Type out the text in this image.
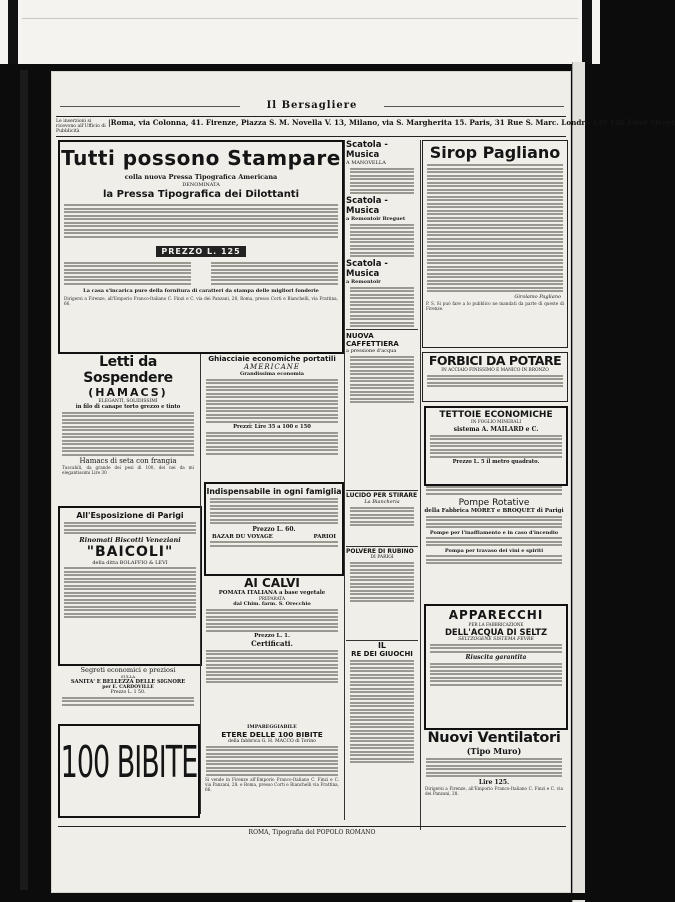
Il Bersagliere
Le inserzioni si ricevono all'Ufficio di Pubblicità
|Roma, via Colonna, 41. Firenze, Piazza S. M. Novella V. 13, Milano, via S. Margherita 15. Paris, 31 Rue S. Marc. Londra 139 140 Fleet Street
Tutti possono Stampare
colla nuova Pressa Tipografica Americana
DENOMINATA
la Pressa Tipografica dei Dilottanti
PREZZO L. 125
La casa s'incarica pure della fornitura di caratteri da stampa delle migliori fonderie
Dirigersi a Firenze, all'Emporio Franco-Italiano C. Finzi e C. via dei Panzani, 28, Roma, presso Corti e Bianchelli, via Frattina, 66.
Scatola - Musica
A MANOVELLA
Scatola - Musica
a Remontoir Breguet
Scatola - Musica
a Remontoir
NUOVA CAFFETTIERA
a pressione d'acqua
Sirop Pagliano
Girolamo Pagliano
P. S. Si può fare a lo pubblico ne mandati da parte di queste di Firenze.
FORBICI DA POTARE
IN ACCIAIO FINISSIMO E MANICO IN BRONZO
TETTOIE ECONOMICHE
IN FOGLIO MINERALI
sistema A. MAILARD e C.
Prezzo L. 5 il metro quadrato.
Letti da Sospendere
(HAMACS)
ELEGANTI, SOLIDISSIMI
in filo di canape torto grezzo e tinto
Hamacs di seta con frangia
Tuscabili, da grande dei pesi di 100, dei nei da mi elegantissimi Lire 30
All'Esposizione di Parigi
Rinomati Biscotti Veneziani
"BAICOLI"
della ditta BOLAFFIO & LEVI
Segreti economici e preziosi
SULLA
SANITA' E BELLEZZA DELLE SIGNORE
per E. CARDOVILLE
Prezzo L. 1 50.
Ghiacciaie economiche portatili
AMERICANE
Grandissima economia
Prezzi: Lire 35 a 100 e 150
Indispensabile in ogni famiglia
Prezzo L. 60.
BAZAR DU VOYAGE	PARIOI
AI CALVI
POMATA ITALIANA a base vegetale
PREPARATA
dal Chim. farm. S. Orecchio
Prezzo L. 1.
Certificati.
LUCIDO PER STIRARE
La Biancheria
POLVERE DI RUBINO
DI PARIGI
IL
RE DEI GIUOCHI
Pompe Rotative
della Fabbrica MORET e BROQUET di Parigi
Pompe per l'inaffiamento e in caso d'incendio
Pompa per travaso dei vini e spiriti
APPARECCHI
PER LA FABBRICAZIONE
DELL'ACQUA DI SELTZ
SELTZOGENE SISTEMA FEVRE
Riuscita garantita
100 BIBITE
IMPAREGGIABILE
ETERE DELLE 100 BIBITE
della fabbrica G. H. MACCO di Torino
Si vende in Firenze all'Emporio Franco-Italiano C. Finzi e C. via Panzani, 28. e Roma, presso Corti e Bianchelli via Frattina, 66.
Nuovi Ventilatori
(Tipo Muro)
Lire 125.
Dirigersi a Firenze, all'Emporio Franco-Italiano C. Finzi e C. via dei Panzani, 28.
ROMA, Tipografia del POPOLO ROMANO
